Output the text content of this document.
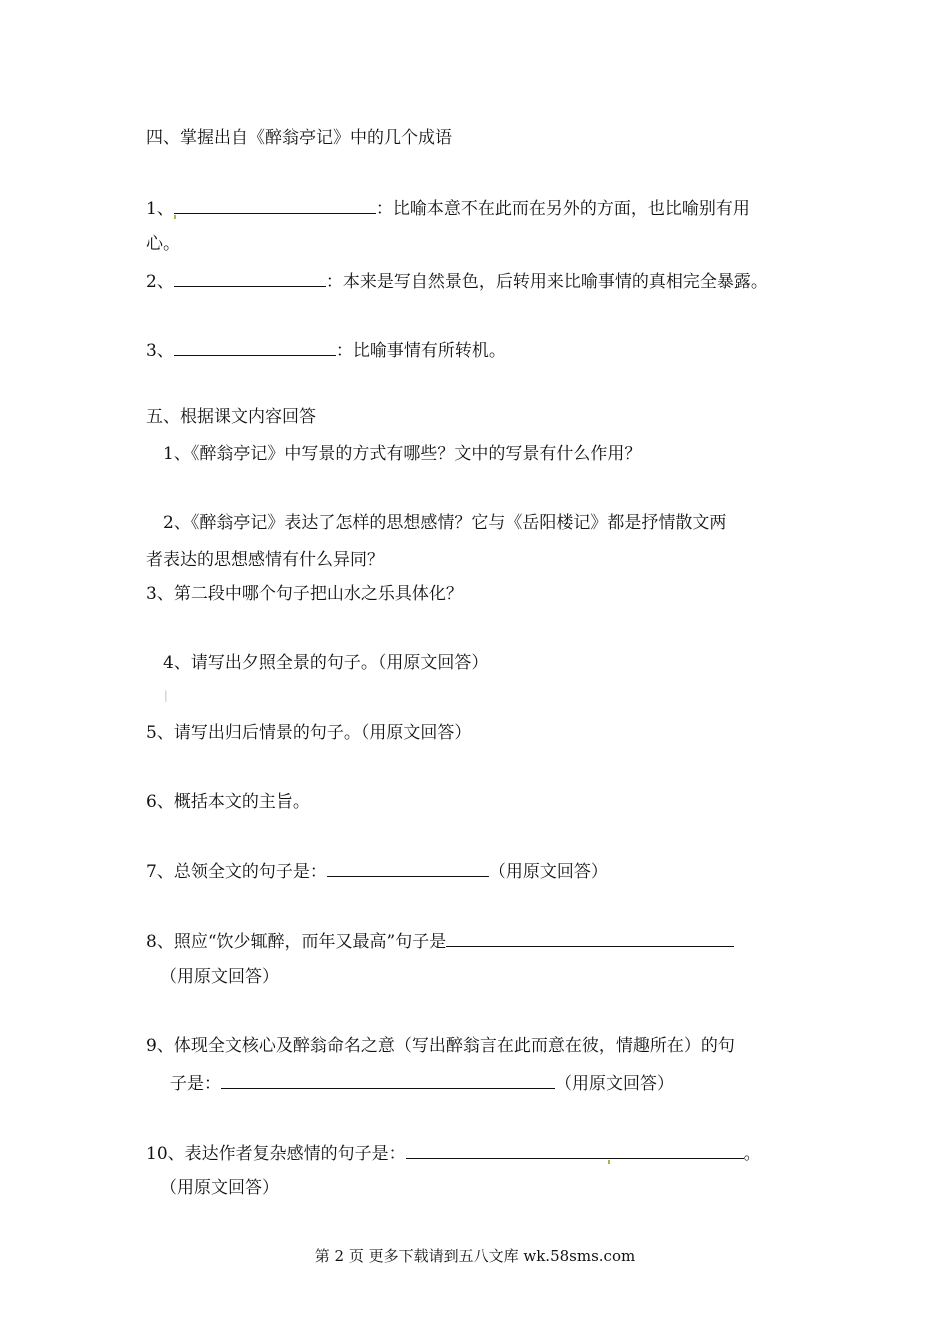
四、掌握出自《醉翁亭记》中的几个成语
1、	：比喻本意不在此而在另外的方面，也比喻别有用
心。
2、	：本来是写自然景色，后转用来比喻事情的真相完全暴露。
3、	：比喻事情有所转机。
五、根据课文内容回答
1、《醉翁亭记》中写景的方式有哪些？文中的写景有什么作用？
2、《醉翁亭记》表达了怎样的思想感情？它与《岳阳楼记》都是抒情散文两
者表达的思想感情有什么异同？
3、第二段中哪个句子把山水之乐具体化？
4、请写出夕照全景的句子。（用原文回答）
|
5、请写出归后情景的句子。（用原文回答）
6、概括本文的主旨。
7、总领全文的句子是：	（用原文回答）
8、照应“饮少辄醉，而年又最高”句子是
（用原文回答）
9、体现全文核心及醉翁命名之意（写出醉翁言在此而意在彼，情趣所在）的句
子是：	（用原文回答）
10、表达作者复杂感情的句子是：	。
（用原文回答）
第 2 页 更多下载请到五八文库 wk.58sms.com
